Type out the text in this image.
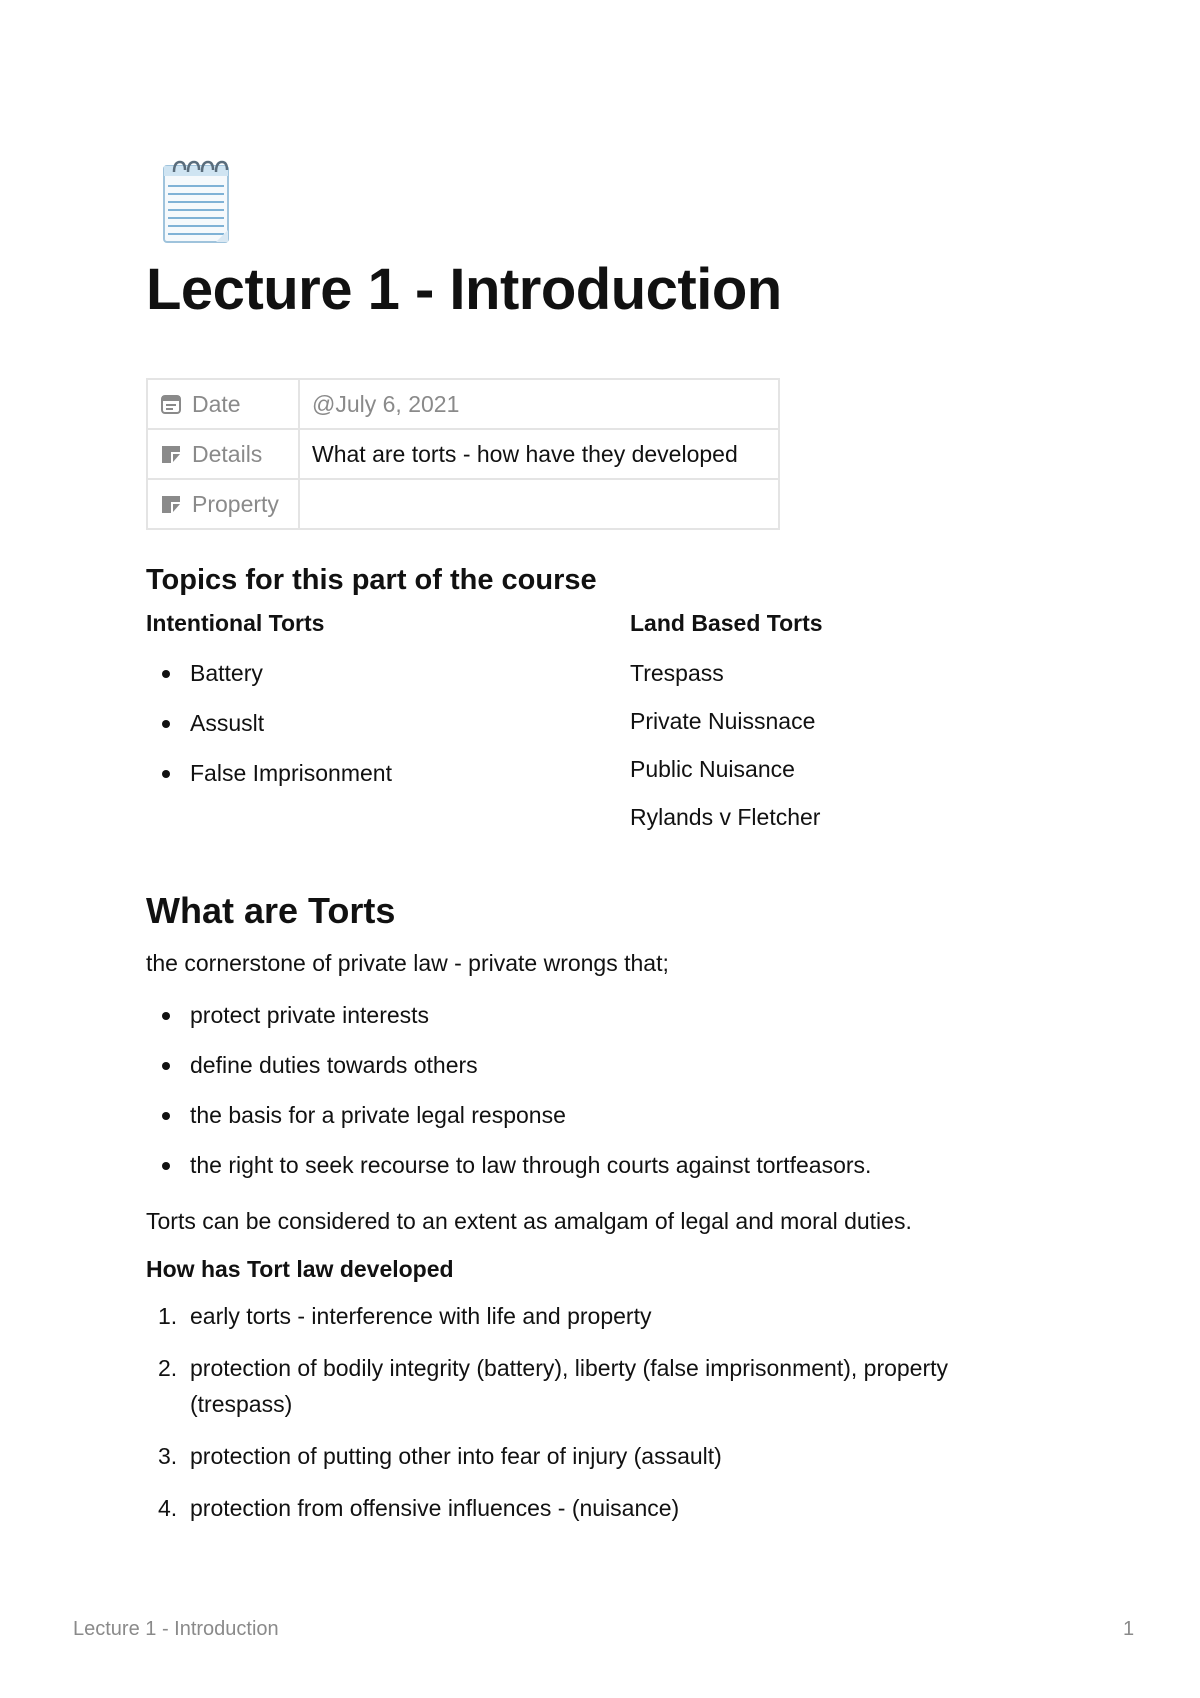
Lecture 1 - Introduction
Date	@July 6, 2021
Details	What are torts - how have they developed
Property	
Topics for this part of the course
Intentional Torts
Battery
Assuslt
False Imprisonment
Land Based Torts
Trespass
Private Nuissnace
Public Nuisance
Rylands v Fletcher
What are Torts

the cornerstone of private law - private wrongs that;

protect private interests
define duties towards others
the basis for a private legal response
the right to seek recourse to law through courts against tortfeasors.

Torts can be considered to an extent as amalgam of legal and moral duties.

How has Tort law developed
1. early torts - interference with life and property
2. protection of bodily integrity (battery), liberty (false imprisonment), property (trespass)
3. protection of putting other into fear of injury (assault)
4. protection from offensive influences - (nuisance)
Lecture 1 - Introduction	1
